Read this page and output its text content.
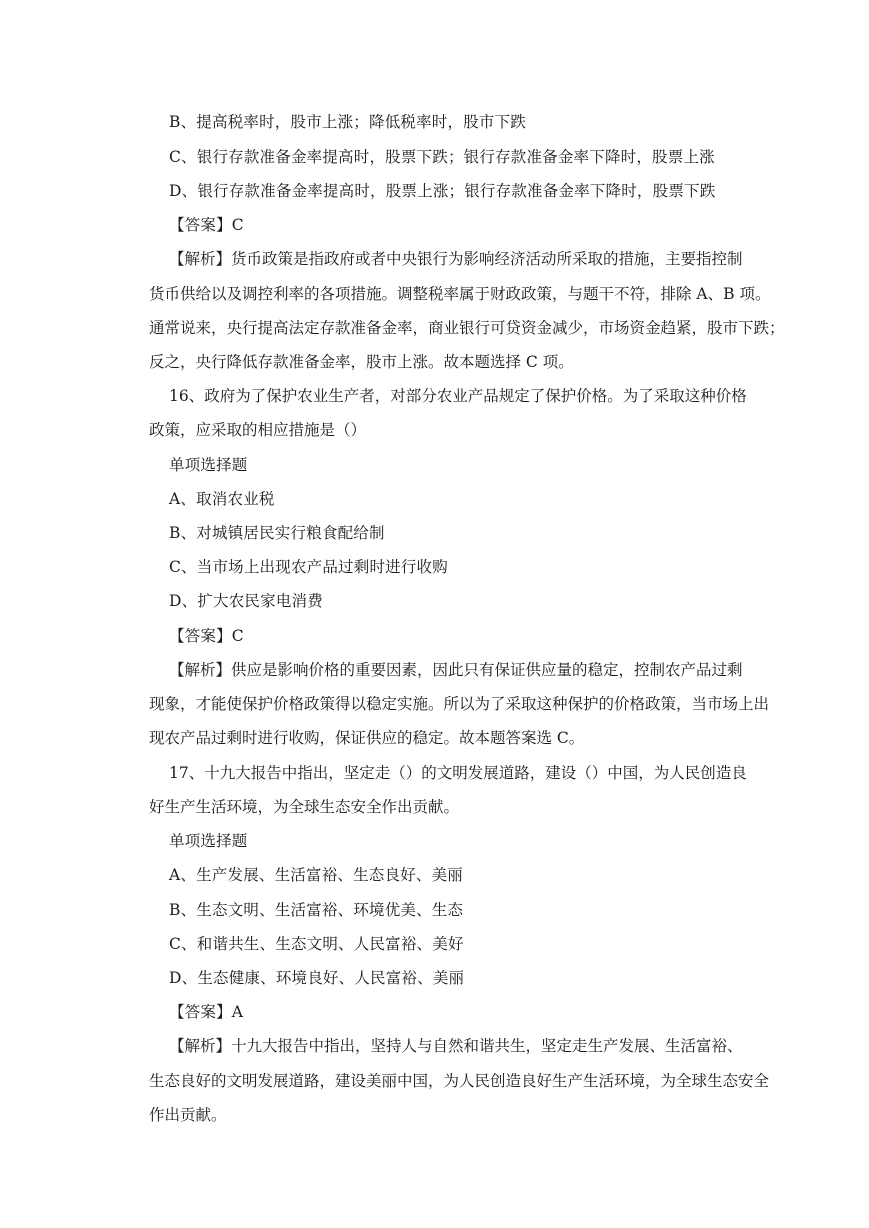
B、提高税率时，股市上涨；降低税率时，股市下跌
C、银行存款准备金率提高时，股票下跌；银行存款准备金率下降时，股票上涨
D、银行存款准备金率提高时，股票上涨；银行存款准备金率下降时，股票下跌
【答案】C
【解析】货币政策是指政府或者中央银行为影响经济活动所采取的措施，主要指控制
货币供给以及调控利率的各项措施。调整税率属于财政政策，与题干不符，排除 A、B 项。
通常说来，央行提高法定存款准备金率，商业银行可贷资金减少，市场资金趋紧，股市下跌；
反之，央行降低存款准备金率，股市上涨。故本题选择 C 项。
16、政府为了保护农业生产者，对部分农业产品规定了保护价格。为了采取这种价格
政策，应采取的相应措施是（）
单项选择题
A、取消农业税
B、对城镇居民实行粮食配给制
C、当市场上出现农产品过剩时进行收购
D、扩大农民家电消费
【答案】C
【解析】供应是影响价格的重要因素，因此只有保证供应量的稳定，控制农产品过剩
现象，才能使保护价格政策得以稳定实施。所以为了采取这种保护的价格政策，当市场上出
现农产品过剩时进行收购，保证供应的稳定。故本题答案选 C。
17、十九大报告中指出，坚定走（）的文明发展道路，建设（）中国，为人民创造良
好生产生活环境，为全球生态安全作出贡献。
单项选择题
A、生产发展、生活富裕、生态良好、美丽
B、生态文明、生活富裕、环境优美、生态
C、和谐共生、生态文明、人民富裕、美好
D、生态健康、环境良好、人民富裕、美丽
【答案】A
【解析】十九大报告中指出，坚持人与自然和谐共生，坚定走生产发展、生活富裕、
生态良好的文明发展道路，建设美丽中国，为人民创造良好生产生活环境，为全球生态安全
作出贡献。
